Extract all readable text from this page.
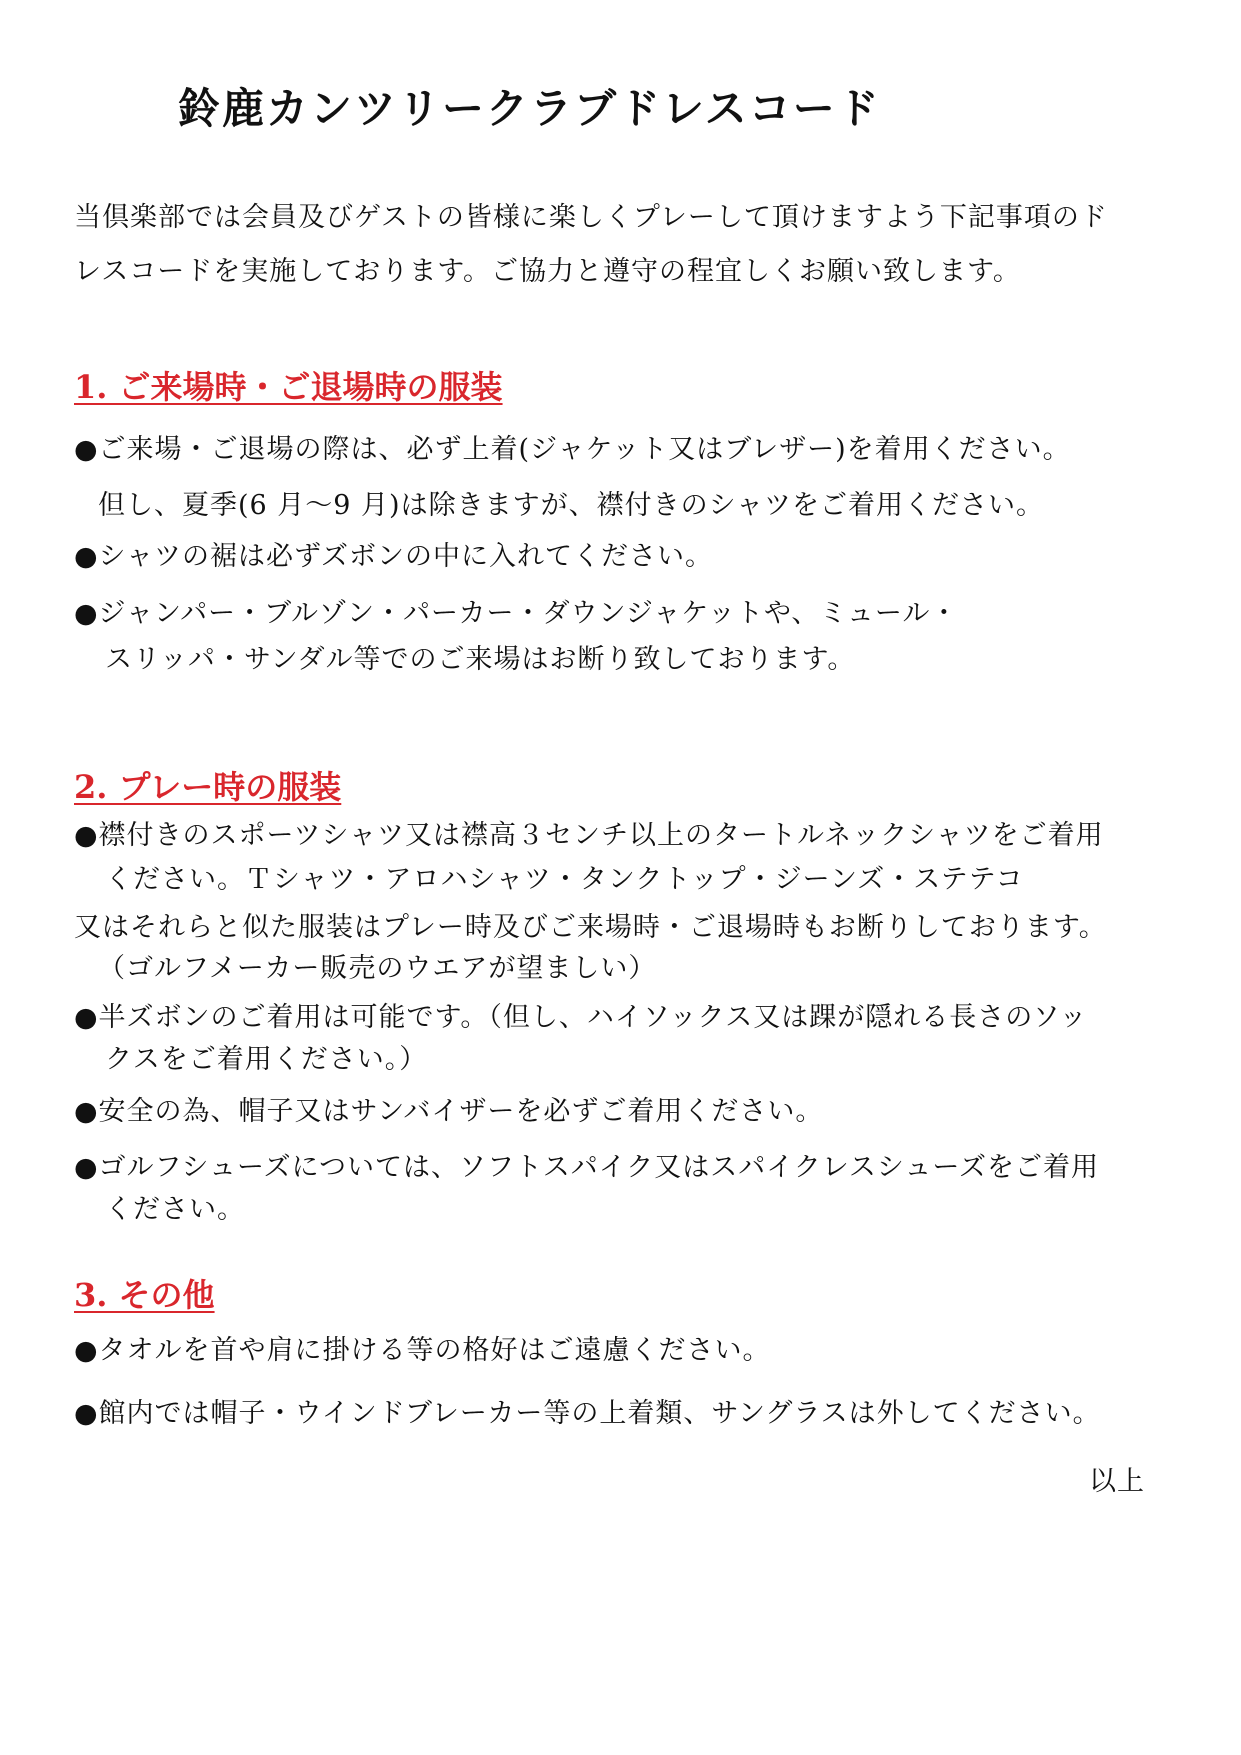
鈴鹿カンツリークラブドレスコード

当倶楽部では会員及びゲストの皆様に楽しくプレーして頂けますよう下記事項のド

レスコードを実施しております。ご協力と遵守の程宜しくお願い致します。

1. ご来場時・ご退場時の服装

●ご来場・ご退場の際は、必ず上着(ジャケット又はブレザー)を着用ください。

但し、夏季(6 月～9 月)は除きますが、襟付きのシャツをご着用ください。

●シャツの裾は必ずズボンの中に入れてください。

●ジャンパー・ブルゾン・パーカー・ダウンジャケットや、ミュール・

スリッパ・サンダル等でのご来場はお断り致しております。

2. プレー時の服装

●襟付きのスポーツシャツ又は襟高３センチ以上のタートルネックシャツをご着用

ください。Ｔシャツ・アロハシャツ・タンクトップ・ジーンズ・ステテコ

又はそれらと似た服装はプレー時及びご来場時・ご退場時もお断りしております。

（ゴルフメーカー販売のウエアが望ましい）

●半ズボンのご着用は可能です。（但し、ハイソックス又は踝が隠れる長さのソッ

クスをご着用ください。）

●安全の為、帽子又はサンバイザーを必ずご着用ください。

●ゴルフシューズについては、ソフトスパイク又はスパイクレスシューズをご着用

ください。

3. その他

●タオルを首や肩に掛ける等の格好はご遠慮ください。

●館内では帽子・ウインドブレーカー等の上着類、サングラスは外してください。

以上
